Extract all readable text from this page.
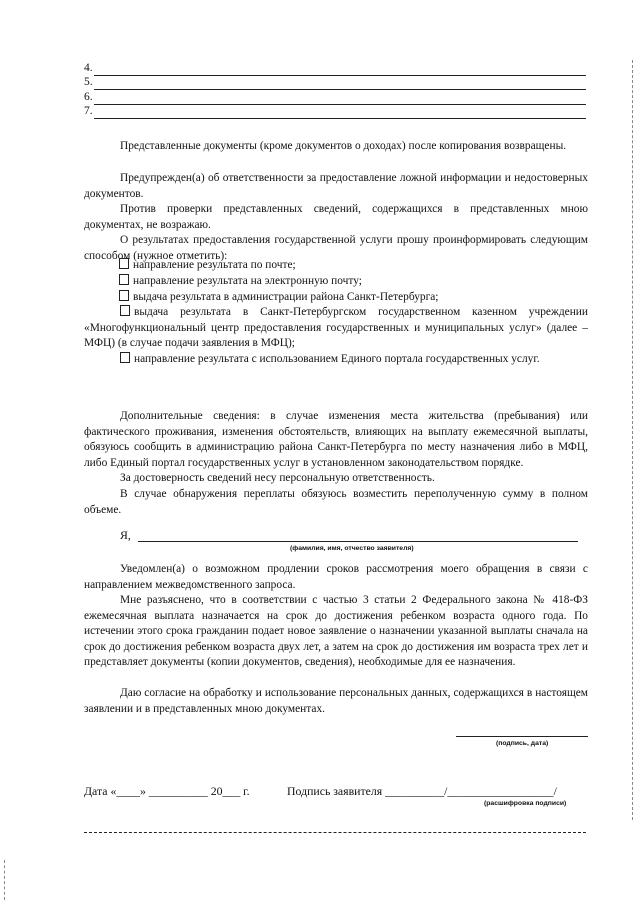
4.
5.
6.
7.

Представленные документы (кроме документов о доходах) после копирования возвращены.

Предупрежден(а) об ответственности за предоставление ложной информации и недостоверных документов.

Против проверки представленных сведений, содержащихся в представленных мною документах, не возражаю.

О результатах предоставления государственной услуги прошу проинформировать следующим способом (нужное отметить):

направление результата по почте;

направление результата на электронную почту;

выдача результата в администрации района Санкт-Петербурга;

выдача результата в Санкт-Петербургском государственном казенном учреждении «Многофункциональный центр предоставления государственных и муниципальных услуг» (далее – МФЦ) (в случае подачи заявления в МФЦ);

направление результата с использованием Единого портала государственных услуг.

Дополнительные сведения: в случае изменения места жительства (пребывания) или фактического проживания, изменения обстоятельств, влияющих на выплату ежемесячной выплаты, обязуюсь сообщить в администрацию района Санкт-Петербурга по месту назначения либо в МФЦ, либо Единый портал государственных услуг в установленном законодательством порядке.

За достоверность сведений несу персональную ответственность.

В случае обнаружения переплаты обязуюсь возместить переполученную сумму в полном объеме.

Я,
(фамилия, имя, отчество заявителя)

Уведомлен(а) о возможном продлении сроков рассмотрения моего обращения в связи с направлением межведомственного запроса.

Мне разъяснено, что в соответствии с частью 3 статьи 2 Федерального закона № 418-ФЗ ежемесячная выплата назначается на срок до достижения ребенком возраста одного года. По истечении этого срока гражданин подает новое заявление о назначении указанной выплаты сначала на срок до достижения ребенком возраста двух лет, а затем на срок до достижения им возраста трех лет и представляет документы (копии документов, сведения), необходимые для ее назначения.

Даю согласие на обработку и использование персональных данных, содержащихся в настоящем заявлении и в представленных мною документах.

(подпись, дата)
Дата «____» __________ 20___ г.	Подпись заявителя __________/__________________/
(расшифровка подписи)
